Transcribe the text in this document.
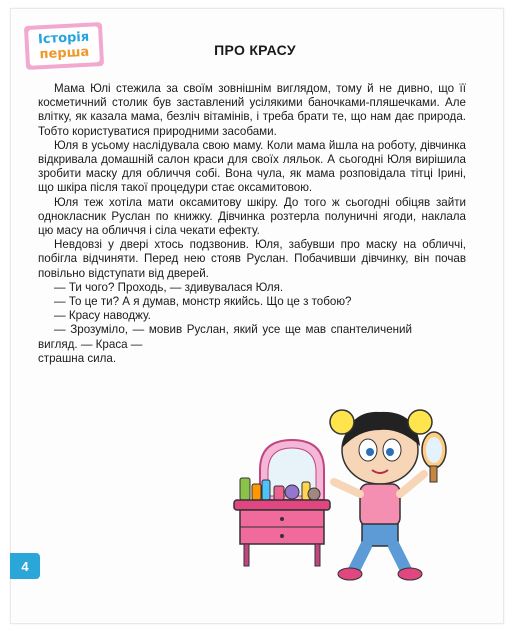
Історія
перша	ПРО КРАСУ

Мама Юлі стежила за своїм зовнішнім виглядом, тому й не дивно, що її косметичний столик був заставлений усілякими баночками-пляшечками. Але влітку, як казала мама, безліч вітамінів, і треба брати те, що нам дає природа. Тобто користуватися природними засобами.

Юля в усьому наслідувала свою маму. Коли мама йшла на роботу, дівчинка відкривала домашній салон краси для своїх ляльок. А сьогодні Юля вирішила зробити маску для обличчя собі. Вона чула, як мама розповідала тітці Ірині, що шкіра після такої процедури стає оксамитовою.

Юля теж хотіла мати оксамитову шкіру. До того ж сьогодні обіцяв зайти однокласник Руслан по книжку. Дівчинка розтерла полуничні ягоди, наклала цю масу на обличчя і сіла чекати ефекту.

Невдовзі у двері хтось подзвонив. Юля, забувши про маску на обличчі, побігла відчиняти. Перед нею стояв Руслан. Побачивши дівчинку, він почав повільно відступати від дверей.

— Ти чого? Проходь, — здивувалася Юля.

— То це ти? А я думав, монстр якийсь. Що це з тобою?

— Красу наводжу.

— Зрозуміло, — мовив Руслан, який усе ще мав спантеличений вигляд. — Краса —

страшна сила.

4
